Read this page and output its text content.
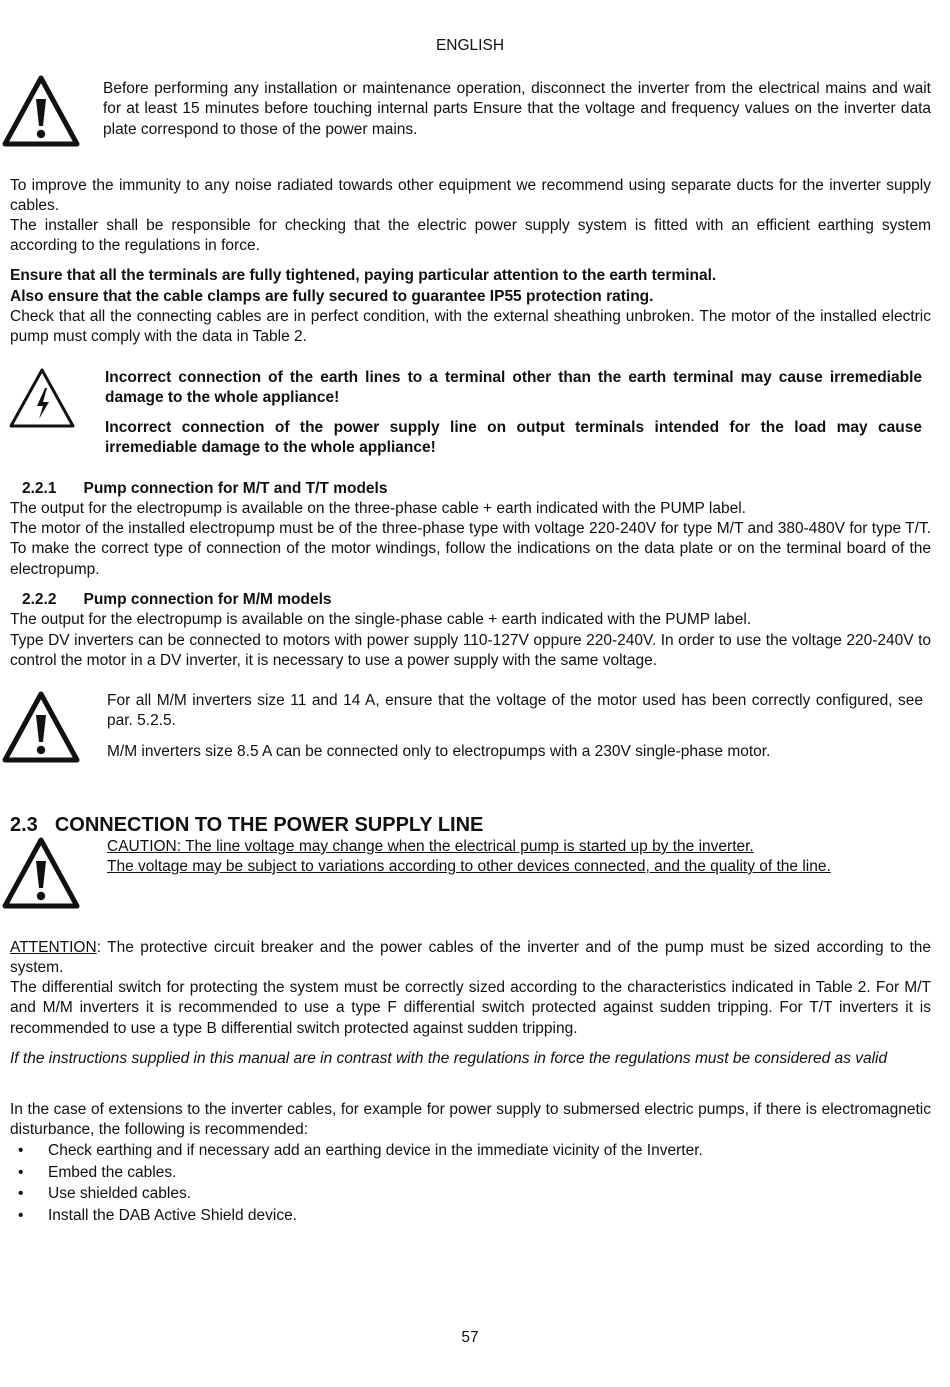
ENGLISH

Before performing any installation or maintenance operation, disconnect the inverter from the electrical mains and wait for at least 15 minutes before touching internal parts Ensure that the voltage and frequency values on the inverter data plate correspond to those of the power mains.

To improve the immunity to any noise radiated towards other equipment we recommend using separate ducts for the inverter supply cables.

The installer shall be responsible for checking that the electric power supply system is fitted with an efficient earthing system according to the regulations in force.

Ensure that all the terminals are fully tightened, paying particular attention to the earth terminal.

Also ensure that the cable clamps are fully secured to guarantee IP55 protection rating.

Check that all the connecting cables are in perfect condition, with the external sheathing unbroken. The motor of the installed electric pump must comply with the data in Table 2.

Incorrect connection of the earth lines to a terminal other than the earth terminal may cause irremediable damage to the whole appliance!

Incorrect connection of the power supply line on output terminals intended for the load may cause irremediable damage to the whole appliance!

2.2.1 Pump connection for M/T and T/T models

The output for the electropump is available on the three-phase cable + earth indicated with the PUMP label.

The motor of the installed electropump must be of the three-phase type with voltage 220-240V for type M/T and 380-480V for type T/T. To make the correct type of connection of the motor windings, follow the indications on the data plate or on the terminal board of the electropump.

2.2.2 Pump connection for M/M models

The output for the electropump is available on the single-phase cable + earth indicated with the PUMP label.

Type DV inverters can be connected to motors with power supply 110-127V oppure 220-240V. In order to use the voltage 220-240V to control the motor in a DV inverter, it is necessary to use a power supply with the same voltage.

For all M/M inverters size 11 and 14 A, ensure that the voltage of the motor used has been correctly configured, see par. 5.2.5.

M/M inverters size 8.5 A can be connected only to electropumps with a 230V single-phase motor.

2.3 CONNECTION TO THE POWER SUPPLY LINE

CAUTION: The line voltage may change when the electrical pump is started up by the inverter.

The voltage may be subject to variations according to other devices connected, and the quality of the line.

ATTENTION: The protective circuit breaker and the power cables of the inverter and of the pump must be sized according to the system.

The differential switch for protecting the system must be correctly sized according to the characteristics indicated in Table 2. For M/T and M/M inverters it is recommended to use a type F differential switch protected against sudden tripping. For T/T inverters it is recommended to use a type B differential switch protected against sudden tripping.

If the instructions supplied in this manual are in contrast with the regulations in force the regulations must be considered as valid

In the case of extensions to the inverter cables, for example for power supply to submersed electric pumps, if there is electromagnetic disturbance, the following is recommended:

• Check earthing and if necessary add an earthing device in the immediate vicinity of the Inverter.
• Embed the cables.
• Use shielded cables.
• Install the DAB Active Shield device.
57
